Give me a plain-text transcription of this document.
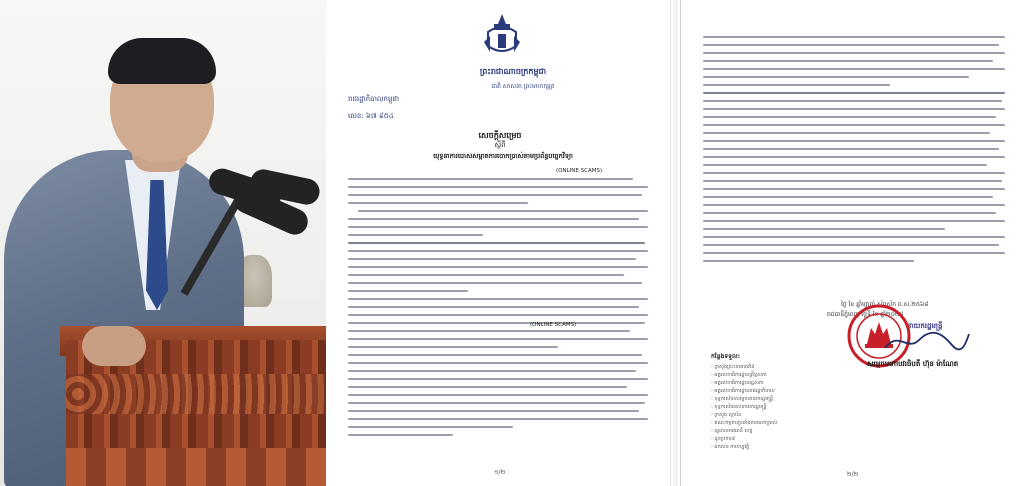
ព្រះរាជាណាចក្រកម្ពុជា
ជាតិ សាសនា ព្រះមហាក្សត្រ
រាជរដ្ឋាភិបាលកម្ពុជា
លេខ: ៦៧ ៩៥៤
សេចក្ដីសម្រេច
ស្ដីពី
យុទ្ធនាការបោសសម្អាតការបោកប្រាស់តាមប្រព័ន្ធបច្ចេកវិទ្យា
(ONLINE SCAMS)
១/២
ថ្ងៃ ខែ ឆ្នាំម្សាញ់ ស័ព្ទស័ក ព.ស.២៥៦៨
រាជធានីភ្នំពេញ ថ្ងៃទី ខែ ឆ្នាំ២០២៥
នាយករដ្ឋមន្ត្រី
សម្តេចមហាបវរធិបតី ហ៊ុន ម៉ាណែត
កន្លែងទទួល:
- ក្រសួងព្រះបរមរាជវាំង
- អគ្គលេខាធិការដ្ឋានព្រឹទ្ធសភា
- អគ្គលេខាធិការដ្ឋានរដ្ឋសភា
- អគ្គលេខាធិការដ្ឋានរាជរដ្ឋាភិបាល
- ខុទ្ទកាល័យសម្តេចនាយករដ្ឋមន្ត្រី
- ខុទ្ទកាល័យឧបនាយករដ្ឋមន្ត្រី
- ក្រសួង ស្ថាប័ន
- គណៈកម្មការប្រឆាំងការបោកប្រាស់
- រដ្ឋបាលរាជធានី ខេត្ត
- ដូចប្រការ៩
- ឯកសារ កាលប្បវត្តិ
២/២
(ONLINE SCAMS)
